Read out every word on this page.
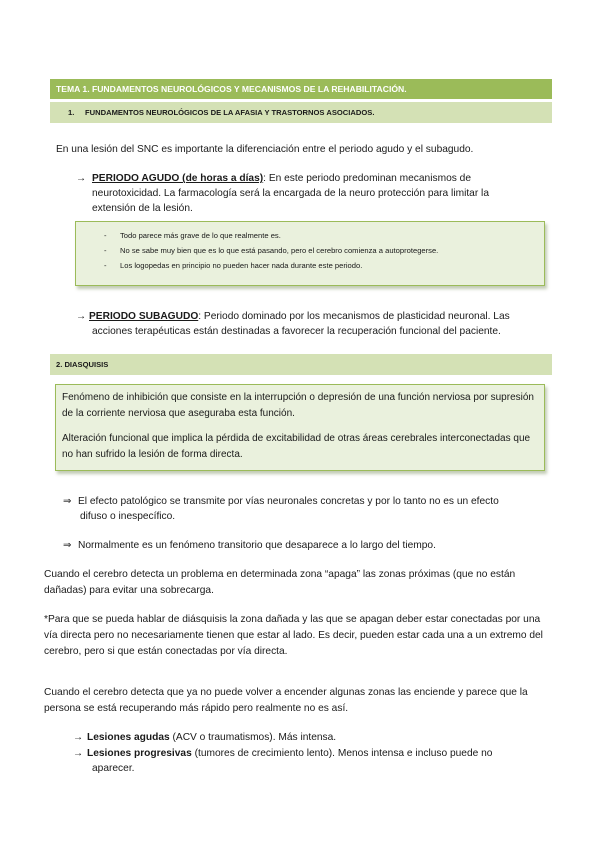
TEMA 1. FUNDAMENTOS NEUROLÓGICOS Y MECANISMOS DE LA REHABILITACIÓN.
1. FUNDAMENTOS NEUROLÓGICOS DE LA AFASIA Y TRASTORNOS ASOCIADOS.
En una lesión del SNC es importante la diferenciación entre el periodo agudo y el subagudo.
→ PERIODO AGUDO (de horas a días): En este periodo predominan mecanismos de
neurotoxicidad. La farmacología será la encargada de la neuro protección para limitar la
extensión de la lesión.
- Todo parece más grave de lo que realmente es.
- No se sabe muy bien que es lo que está pasando, pero el cerebro comienza a autoprotegerse.
- Los logopedas en principio no pueden hacer nada durante este periodo.
→ PERIODO SUBAGUDO: Periodo dominado por los mecanismos de plasticidad neuronal. Las
acciones terapéuticas están destinadas a favorecer la recuperación funcional del paciente.
2. DIASQUISIS

Fenómeno de inhibición que consiste en la interrupción o depresión de una función nerviosa por supresión de la corriente nerviosa que aseguraba esta función.

Alteración funcional que implica la pérdida de excitabilidad de otras áreas cerebrales interconectadas que no han sufrido la lesión de forma directa.

⇒ El efecto patológico se transmite por vías neuronales concretas y por lo tanto no es un efecto
difuso o inespecífico.
⇒ Normalmente es un fenómeno transitorio que desaparece a lo largo del tiempo.
Cuando el cerebro detecta un problema en determinada zona “apaga” las zonas próximas (que no están dañadas) para evitar una sobrecarga.
*Para que se pueda hablar de diásquisis la zona dañada y las que se apagan deber estar conectadas por una vía directa pero no necesariamente tienen que estar al lado. Es decir, pueden estar cada una a un extremo del cerebro, pero si que están conectadas por vía directa.
Cuando el cerebro detecta que ya no puede volver a encender algunas zonas las enciende y parece que la persona se está recuperando más rápido pero realmente no es así.
→ Lesiones agudas (ACV o traumatismos). Más intensa.
→ Lesiones progresivas (tumores de crecimiento lento). Menos intensa e incluso puede no
aparecer.
